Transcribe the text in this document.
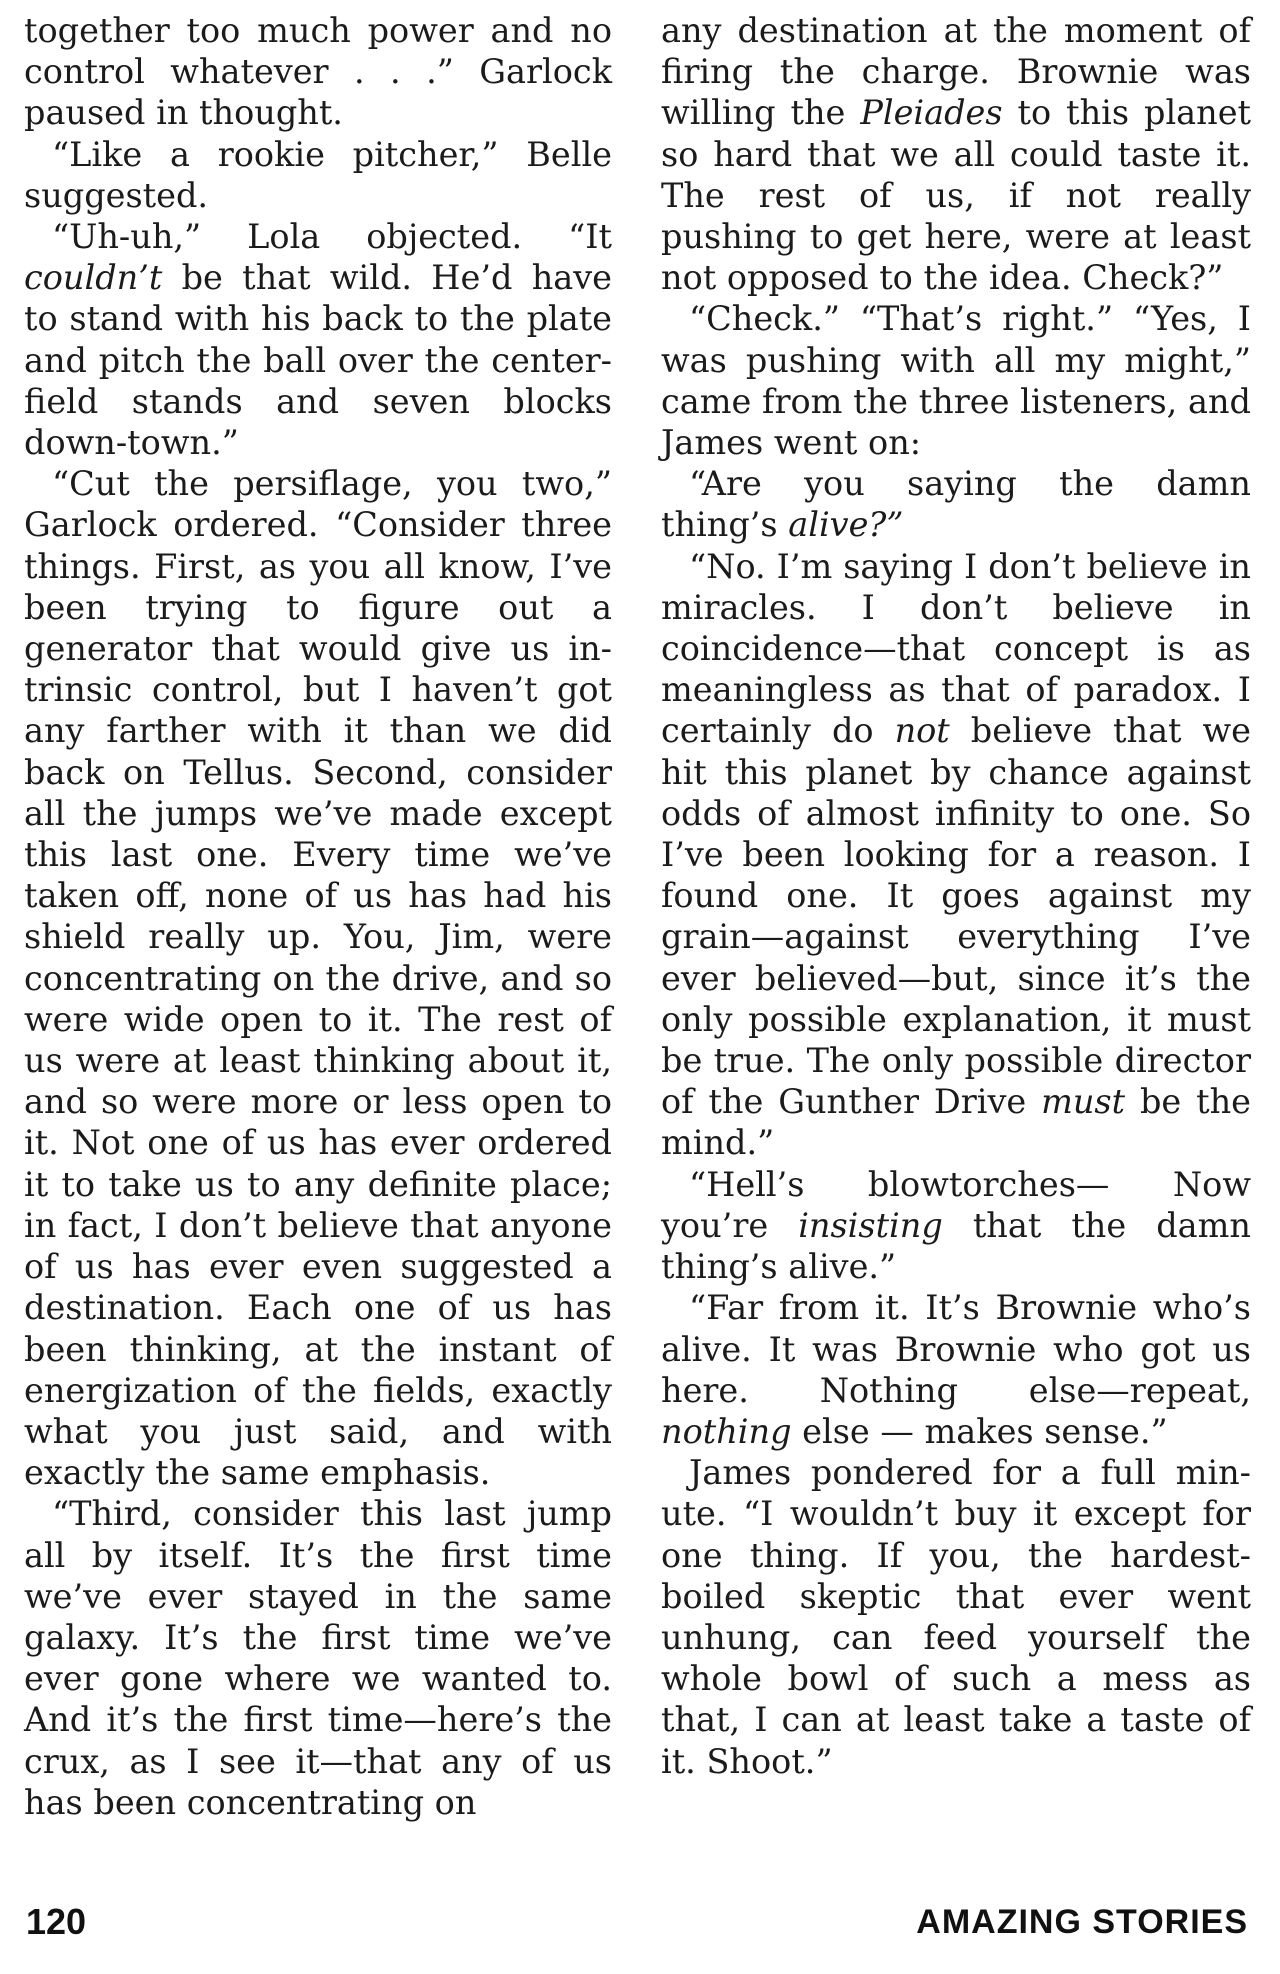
together too much power and no control whatever . . .” Garlock paused in thought.

“Like a rookie pitcher,” Belle suggested.

“Uh-uh,” Lola objected. “It couldn’t be that wild. He’d have to stand with his back to the plate and pitch the ball over the center-field stands and seven blocks down-town.”

“Cut the persiflage, you two,” Garlock ordered. “Consider three things. First, as you all know, I’ve been trying to figure out a generator that would give us intrinsic control, but I haven’t got any farther with it than we did back on Tellus. Second, consider all the jumps we’ve made except this last one. Every time we’ve taken off, none of us has had his shield really up. You, Jim, were concentrating on the drive, and so were wide open to it. The rest of us were at least thinking about it, and so were more or less open to it. Not one of us has ever ordered it to take us to any definite place; in fact, I don’t believe that anyone of us has ever even suggested a destination. Each one of us has been thinking, at the instant of energization of the fields, exactly what you just said, and with exactly the same emphasis.

“Third, consider this last jump all by itself. It’s the first time we’ve ever stayed in the same galaxy. It’s the first time we’ve ever gone where we wanted to. And it’s the first time—here’s the crux, as I see it—that any of us has been concentrating on

any destination at the moment of firing the charge. Brownie was willing the Pleiades to this planet so hard that we all could taste it. The rest of us, if not really pushing to get here, were at least not opposed to the idea. Check?”

“Check.” “That’s right.” “Yes, I was pushing with all my might,” came from the three listeners, and James went on:

“Are you saying the damn thing’s alive?”

“No. I’m saying I don’t believe in miracles. I don’t believe in coincidence—that concept is as meaningless as that of paradox. I certainly do not believe that we hit this planet by chance against odds of almost infinity to one. So I’ve been looking for a reason. I found one. It goes against my grain—against everything I’ve ever believed—but, since it’s the only possible explanation, it must be true. The only possible director of the Gunther Drive must be the mind.”

“Hell’s blowtorches— Now you’re insisting that the damn thing’s alive.”

“Far from it. It’s Brownie who’s alive. It was Brownie who got us here. Nothing else—repeat, nothing else — makes sense.”

James pondered for a full minute. “I wouldn’t buy it except for one thing. If you, the hardest-boiled skeptic that ever went unhung, can feed yourself the whole bowl of such a mess as that, I can at least take a taste of it. Shoot.”

120	AMAZING STORIES
